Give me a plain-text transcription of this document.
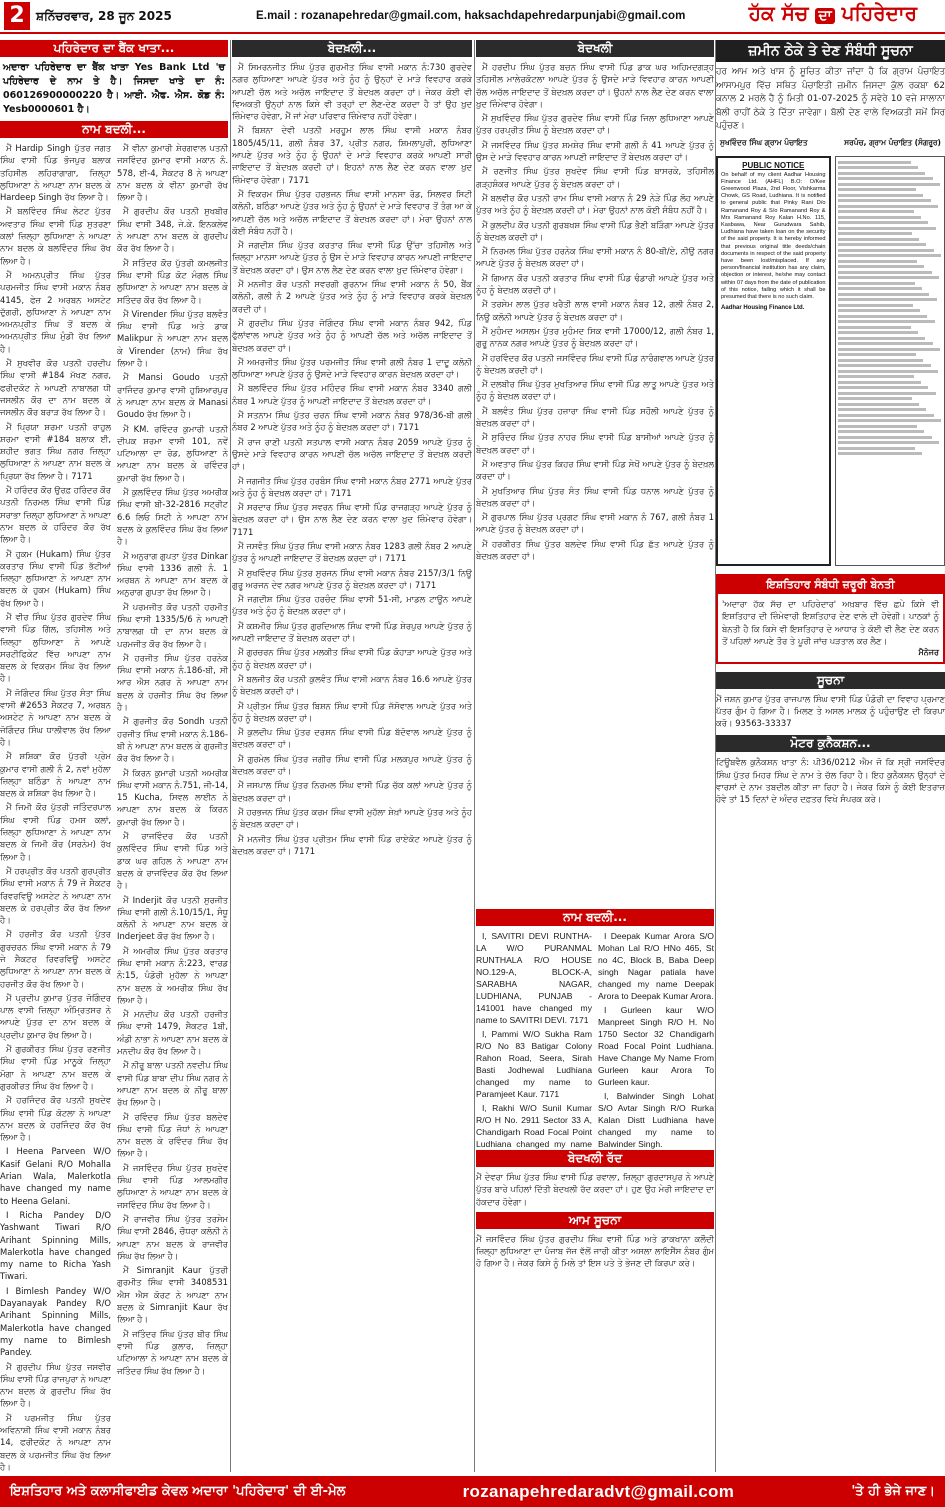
2 ਸ਼ਨਿੱਚਰਵਾਰ, 28 ਜੂਨ 2025	E.mail : rozanapehredar@gmail.com, haksachdapehredarpunjabi@gmail.com	ਹੱਕ ਸੱਚ ਦਾ ਪਹਿਰੇਦਾਰ
ਪਹਿਰੇਦਾਰ ਦਾ ਬੈਂਕ ਖਾਤਾ...
ਅਦਾਰਾ ਪਹਿਰੇਦਾਰ ਦਾ ਬੈਂਕ ਖਾਤਾ Yes Bank Ltd 'ਚ ਪਹਿਰੇਦਾਰ ਦੇ ਨਾਮ ਤੇ ਹੈ। ਜਿਸਦਾ ਖਾਤੇ ਦਾ ਨੰ: 060126900000220 ਹੈ। ਆਈ. ਐਫ. ਐਸ. ਕੋਡ ਨੰ: Yesb0000601 ਹੈ।
ਨਾਮ ਬਦਲੀ...

ਮੈਂ Hardip Singh ਪੁੱਤਰ ਜਗਤ ਸਿੰਘ ਵਾਸੀ ਪਿੰਡ ਭੋਜਪੁਰ ਬਲਾਕ ਤਹਿਸੀਲ ਲਹਿਰਾਗਾਗਾ, ਜ਼ਿਲ੍ਹਾ ਲੁਧਿਆਣਾ ਨੇ ਆਪਣਾ ਨਾਮ ਬਦਲ ਕੇ Hardeep Singh ਰੱਖ ਲਿਆ ਹੈ।

ਮੈਂ ਬਲਵਿੰਦਰ ਸਿੰਘ ਲੇਟਟ ਪੁੱਤਰ ਅਵਤਾਰ ਸਿੰਘ ਵਾਸੀ ਪਿੰਡ ਸੁਤਰਣਾ ਕਲਾਂ ਜ਼ਿਲ੍ਹਾ ਲੁਧਿਆਣਾ ਨੇ ਆਪਣਾ ਨਾਮ ਬਦਲ ਕੇ ਬਲਵਿੰਦਰ ਸਿੰਘ ਰੱਖ ਲਿਆ ਹੈ।

ਮੈਂ ਅਮਨਪ੍ਰੀਤ ਸਿੰਘ ਪੁੱਤਰ ਪਰਮਜੀਤ ਸਿੰਘ ਵਾਸੀ ਮਕਾਨ ਨੰਬਰ 4145, ਫੇਜ਼ 2 ਅਰਬਨ ਅਸਟੇਟ ਦੁੱਗਰੀ, ਲੁਧਿਆਣਾ ਨੇ ਆਪਣਾ ਨਾਮ ਅਮਨਪ੍ਰੀਤ ਸਿੰਘ ਤੋਂ ਬਦਲ ਕੇ ਅਮਨਪ੍ਰੀਤ ਸਿੰਘ ਮੁੰਡੀ ਰੱਖ ਲਿਆ ਹੈ।

ਮੈਂ ਸੁਖਵੀਰ ਕੌਰ ਪਤਨੀ ਹਰਦੀਪ ਸਿੰਘ ਵਾਸੀ #184 ਮੱਖਣ ਨਗਰ, ਫਰੀਦਕੋਟ ਨੇ ਆਪਣੀ ਨਾਬਾਲਗ ਧੀ ਜਸਲੀਨ ਕੌਰ ਦਾ ਨਾਮ ਬਦਲ ਕੇ ਜਸਲੀਨ ਕੌਰ ਬਰਾੜ ਰੱਖ ਲਿਆ ਹੈ।

ਮੈਂ ਪ੍ਰਿਯਾ ਸ਼ਰਮਾ ਪਤਨੀ ਰਾਹੁਲ ਸ਼ਰਮਾ ਵਾਸੀ #184 ਬਲਾਕ ਈ, ਸ਼ਹੀਦ ਭਗਤ ਸਿੰਘ ਨਗਰ ਜ਼ਿਲ੍ਹਾ ਲੁਧਿਆਣਾ ਨੇ ਆਪਣਾ ਨਾਮ ਬਦਲ ਕੇ ਪ੍ਰਿਯਾ ਰੱਖ ਲਿਆ ਹੈ। 7171

ਮੈਂ ਹਰਿੰਦਰ ਕੌਰ ਉਰਫ਼ ਹਰਿੰਦਰ ਕੌਰ ਪਤਨੀ ਨਿਰਮਲ ਸਿੰਘ ਵਾਸੀ ਪਿੰਡ ਸਰਾਭਾ ਜ਼ਿਲ੍ਹਾ ਲੁਧਿਆਣਾ ਨੇ ਆਪਣਾ ਨਾਮ ਬਦਲ ਕੇ ਹਰਿੰਦਰ ਕੌਰ ਰੱਖ ਲਿਆ ਹੈ।

ਮੈਂ ਹੁਕਮ (Hukam) ਸਿੰਘ ਪੁੱਤਰ ਕਰਤਾਰ ਸਿੰਘ ਵਾਸੀ ਪਿੰਡ ਭੱਟੀਆਂ ਜ਼ਿਲ੍ਹਾ ਲੁਧਿਆਣਾ ਨੇ ਆਪਣਾ ਨਾਮ ਬਦਲ ਕੇ ਹੁਕਮ (Hukam) ਸਿੰਘ ਰੱਖ ਲਿਆ ਹੈ।

ਮੈਂ ਵੀਰ ਸਿੰਘ ਪੁੱਤਰ ਗੁਰਦੇਵ ਸਿੰਘ ਵਾਸੀ ਪਿੰਡ ਗਿੱਲ, ਤਹਿਸੀਲ ਅਤੇ ਜ਼ਿਲ੍ਹਾ ਲੁਧਿਆਣਾ ਨੇ ਆਪਣੇ ਸਰਟੀਫਿਕੇਟ ਵਿੱਚ ਆਪਣਾ ਨਾਮ ਬਦਲ ਕੇ ਵਿਕਰਮ ਸਿੰਘ ਰੱਖ ਲਿਆ ਹੈ।

ਮੈਂ ਜੋਗਿੰਦਰ ਸਿੰਘ ਪੁੱਤਰ ਸੰਤਾ ਸਿੰਘ ਵਾਸੀ #2653 ਸੈਕਟਰ 7, ਅਰਬਨ ਅਸਟੇਟ ਨੇ ਆਪਣਾ ਨਾਮ ਬਦਲ ਕੇ ਜੋਗਿੰਦਰ ਸਿੰਘ ਧਾਲੀਵਾਲ ਰੱਖ ਲਿਆ ਹੈ।

ਮੈਂ ਸ਼ਸ਼ਿਕਾ ਕੌਰ ਪੁੱਤਰੀ ਪ੍ਰੇਮ ਕੁਮਾਰ ਵਾਸੀ ਗਲੀ ਨੰ 2, ਨਵਾਂ ਮੁਹੱਲਾ ਜ਼ਿਲ੍ਹਾ ਬਠਿੰਡਾ ਨੇ ਆਪਣਾ ਨਾਮ ਬਦਲ ਕੇ ਸ਼ਸ਼ਿਕਾ ਰੱਖ ਲਿਆ ਹੈ।

ਮੈਂ ਜਿਮੀ ਕੌਰ ਪੁੱਤਰੀ ਜਤਿੰਦਰਪਾਲ ਸਿੰਘ ਵਾਸੀ ਪਿੰਡ ਹਮਸ ਕਲਾਂ, ਜ਼ਿਲ੍ਹਾ ਲੁਧਿਆਣਾ ਨੇ ਆਪਣਾ ਨਾਮ ਬਦਲ ਕੇ ਜਿਮੀ ਕੌਰ (ਸਰਨੇਮ) ਰੱਖ ਲਿਆ ਹੈ।

ਮੈਂ ਹਰਪ੍ਰੀਤ ਕੌਰ ਪਤਨੀ ਗੁਰਪ੍ਰੀਤ ਸਿੰਘ ਵਾਸੀ ਮਕਾਨ ਨੰ 79 ਜੇ ਸੈਕਟਰ ਰਿਵਰਵਿਊ ਅਸਟੇਟ ਨੇ ਆਪਣਾ ਨਾਮ ਬਦਲ ਕੇ ਹਰਪ੍ਰੀਤ ਕੌਰ ਰੱਖ ਲਿਆ ਹੈ।

ਮੈਂ ਹਰਜੀਤ ਕੌਰ ਪਤਨੀ ਪੁੱਤਰ ਗੁਰਚਰਨ ਸਿੰਘ ਵਾਸੀ ਮਕਾਨ ਨੰ 79 ਜੇ ਸੈਕਟਰ ਰਿਵਰਵਿਊ ਅਸਟੇਟ ਲੁਧਿਆਣਾ ਨੇ ਆਪਣਾ ਨਾਮ ਬਦਲ ਕੇ ਹਰਜੀਤ ਕੌਰ ਰੱਖ ਲਿਆ ਹੈ।

ਮੈਂ ਪ੍ਰਦੀਪ ਕੁਮਾਰ ਪੁੱਤਰ ਜੋਗਿੰਦਰ ਪਾਲ ਵਾਸੀ ਜ਼ਿਲ੍ਹਾ ਅੰਮ੍ਰਿਤਸਰ ਨੇ ਆਪਣੇ ਪੁੱਤਰ ਦਾ ਨਾਮ ਬਦਲ ਕੇ ਪ੍ਰਦੀਪ ਕੁਮਾਰ ਰੱਖ ਲਿਆ ਹੈ।

ਮੈਂ ਗੁਰਕੀਰਤ ਸਿੰਘ ਪੁੱਤਰ ਰਣਜੀਤ ਸਿੰਘ ਵਾਸੀ ਪਿੰਡ ਮਾਨੂਕੇ ਜ਼ਿਲ੍ਹਾ ਮੋਗਾ ਨੇ ਆਪਣਾ ਨਾਮ ਬਦਲ ਕੇ ਗੁਰਕੀਰਤ ਸਿੰਘ ਰੱਖ ਲਿਆ ਹੈ।

ਮੈਂ ਹਰਜਿੰਦਰ ਕੌਰ ਪਤਨੀ ਸੁਖਦੇਵ ਸਿੰਘ ਵਾਸੀ ਪਿੰਡ ਕੋਟਲਾ ਨੇ ਆਪਣਾ ਨਾਮ ਬਦਲ ਕੇ ਹਰਜਿੰਦਰ ਕੌਰ ਰੱਖ ਲਿਆ ਹੈ।

I Heena Parveen W/O Kasif Gelani R/O Mohalla Arian Wala, Malerkotla have changed my name to Heena Gelani.

I Richa Pandey D/O Yashwant Tiwari R/O Arihant Spinning Mills, Malerkotla have changed my name to Richa Yash Tiwari.

I Bimlesh Pandey W/O Dayanayak Pandey R/O Arihant Spinning Mills, Malerkotla have changed my name to Bimlesh Pandey.

ਮੈਂ ਗੁਰਦੀਪ ਸਿੰਘ ਪੁੱਤਰ ਜਸਵੀਰ ਸਿੰਘ ਵਾਸੀ ਪਿੰਡ ਰਾਜਪੁਰਾ ਨੇ ਆਪਣਾ ਨਾਮ ਬਦਲ ਕੇ ਗੁਰਦੀਪ ਸਿੰਘ ਰੱਖ ਲਿਆ ਹੈ।

ਮੈਂ ਪਰਮਜੀਤ ਸਿੰਘ ਪੁੱਤਰ ਅਵਿਨਾਸ਼ੀ ਸਿੰਘ ਵਾਸੀ ਮਕਾਨ ਨੰਬਰ 14, ਫਰੀਦਕੋਟ ਨੇ ਆਪਣਾ ਨਾਮ ਬਦਲ ਕੇ ਪਰਮਜੀਤ ਸਿੰਘ ਰੱਖ ਲਿਆ ਹੈ।

ਮੈਂ ਵੀਨਾ ਕੁਮਾਰੀ ਸ਼ੇਰਗਵਾਲ ਪਤਨੀ ਜਸਵਿੰਦਰ ਕੁਮਾਰ ਵਾਸੀ ਮਕਾਨ ਨੰ. 578, ਈ-4, ਸੈਕਟਰ 8 ਨੇ ਆਪਣਾ ਨਾਮ ਬਦਲ ਕੇ ਵੀਨਾ ਕੁਮਾਰੀ ਰੱਖ ਲਿਆ ਹੈ।

ਮੈਂ ਗੁਰਦੀਪ ਕੌਰ ਪਤਨੀ ਸੁਖਬੀਰ ਸਿੰਘ ਵਾਸੀ 348, ਜੇ.ਕੇ. ਇਨਕਲੇਵ ਨੇ ਆਪਣਾ ਨਾਮ ਬਦਲ ਕੇ ਗੁਰਦੀਪ ਕੌਰ ਰੱਖ ਲਿਆ ਹੈ।

ਮੈਂ ਸਤਿੰਦਰ ਕੌਰ ਪੁੱਤਰੀ ਕਮਲਜੀਤ ਸਿੰਘ ਵਾਸੀ ਪਿੰਡ ਕੋਟ ਮੰਗਲ ਸਿੰਘ ਲੁਧਿਆਣਾ ਨੇ ਆਪਣਾ ਨਾਮ ਬਦਲ ਕੇ ਸਤਿੰਦਰ ਕੌਰ ਰੱਖ ਲਿਆ ਹੈ।

ਮੈਂ Virender ਸਿੰਘ ਪੁੱਤਰ ਬਲਵੰਤ ਸਿੰਘ ਵਾਸੀ ਪਿੰਡ ਅਤੇ ਡਾਕ Malikpur ਨੇ ਆਪਣਾ ਨਾਮ ਬਦਲ ਕੇ Virender (ਨਾਮ) ਸਿੰਘ ਰੱਖ ਲਿਆ ਹੈ।

ਮੈਂ Mansi Goudo ਪਤਨੀ ਰਾਜਿੰਦਰ ਕੁਮਾਰ ਵਾਸੀ ਹੁਸ਼ਿਆਰਪੁਰ ਨੇ ਆਪਣਾ ਨਾਮ ਬਦਲ ਕੇ Manasi Goudo ਰੱਖ ਲਿਆ ਹੈ।

ਮੈਂ KM. ਰਵਿੰਦਰ ਕੁਮਾਰੀ ਪਤਨੀ ਦੀਪਕ ਸ਼ਰਮਾ ਵਾਸੀ 101, ਨਵੇਂ ਪਟਿਆਲਾ ਦਾ ਰੋਡ, ਲੁਧਿਆਣਾ ਨੇ ਆਪਣਾ ਨਾਮ ਬਦਲ ਕੇ ਰਵਿੰਦਰ ਕੁਮਾਰੀ ਰੱਖ ਲਿਆ ਹੈ।

ਮੈਂ ਕੁਲਵਿੰਦਰ ਸਿੰਘ ਪੁੱਤਰ ਅਮਰੀਕ ਸਿੰਘ ਵਾਸੀ ਬੀ-32-2816 ਸਟ੍ਰੀਟ 6.6 ਲਿਓ ਸਿਟੀ ਨੇ ਆਪਣਾ ਨਾਮ ਬਦਲ ਕੇ ਕੁਲਵਿੰਦਰ ਸਿੰਘ ਰੱਖ ਲਿਆ ਹੈ।

ਮੈਂ ਅਨੁਰਾਗ ਗੁਪਤਾ ਪੁੱਤਰ Dinkar ਸਿੰਘ ਵਾਸੀ 1336 ਗਲੀ ਨੰ. 1 ਅਰਬਨ ਨੇ ਆਪਣਾ ਨਾਮ ਬਦਲ ਕੇ ਅਨੁਰਾਗ ਗੁਪਤਾ ਰੱਖ ਲਿਆ ਹੈ।

ਮੈਂ ਪਰਮਜੀਤ ਕੌਰ ਪਤਨੀ ਹਰਮੀਤ ਸਿੰਘ ਵਾਸੀ 1335/5/6 ਨੇ ਆਪਣੀ ਨਾਬਾਲਗ ਧੀ ਦਾ ਨਾਮ ਬਦਲ ਕੇ ਪਰਮਜੀਤ ਕੌਰ ਰੱਖ ਲਿਆ ਹੈ।

ਮੈਂ ਹਰਜੀਤ ਸਿੰਘ ਪੁੱਤਰ ਹਰਨੇਕ ਸਿੰਘ ਵਾਸੀ ਮਕਾਨ ਨੰ.186-ਬੀ, ਸੀ ਆਰ ਐਸ ਨਗਰ ਨੇ ਆਪਣਾ ਨਾਮ ਬਦਲ ਕੇ ਹਰਜੀਤ ਸਿੰਘ ਰੱਖ ਲਿਆ ਹੈ।

ਮੈਂ ਗੁਰਜੀਤ ਕੌਰ Sondh ਪਤਨੀ ਹਰਜੀਤ ਸਿੰਘ ਵਾਸੀ ਮਕਾਨ ਨੰ.186-ਬੀ ਨੇ ਆਪਣਾ ਨਾਮ ਬਦਲ ਕੇ ਗੁਰਜੀਤ ਕੌਰ ਰੱਖ ਲਿਆ ਹੈ।

ਮੈਂ ਕਿਰਨ ਕੁਮਾਰੀ ਪਤਨੀ ਅਮਰੀਕ ਸਿੰਘ ਵਾਸੀ ਮਕਾਨ ਨੰ.751, ਜੀ-14, 15 Kucha, ਸਿਵਲ ਲਾਈਨ ਨੇ ਆਪਣਾ ਨਾਮ ਬਦਲ ਕੇ ਕਿਰਨ ਕੁਮਾਰੀ ਰੱਖ ਲਿਆ ਹੈ।

ਮੈਂ ਰਾਜਵਿੰਦਰ ਕੌਰ ਪਤਨੀ ਕੁਲਵਿੰਦਰ ਸਿੰਘ ਵਾਸੀ ਪਿੰਡ ਅਤੇ ਡਾਕ ਘਰ ਗਹਿਲ ਨੇ ਆਪਣਾ ਨਾਮ ਬਦਲ ਕੇ ਰਾਜਵਿੰਦਰ ਕੌਰ ਰੱਖ ਲਿਆ ਹੈ।

ਮੈਂ Inderjit ਕੌਰ ਪਤਨੀ ਸੁਰਜੀਤ ਸਿੰਘ ਵਾਸੀ ਗਲੀ ਨੰ.10/15/1, ਸੰਧੂ ਕਲੋਨੀ ਨੇ ਆਪਣਾ ਨਾਮ ਬਦਲ ਕੇ Inderjeet ਕੌਰ ਰੱਖ ਲਿਆ ਹੈ।

ਮੈਂ ਅਮਰੀਕ ਸਿੰਘ ਪੁੱਤਰ ਕਰਤਾਰ ਸਿੰਘ ਵਾਸੀ ਮਕਾਨ ਨੰ:223, ਵਾਰਡ ਨੰ:15, ਪੰਡੋਰੀ ਮੁਹੱਲਾ ਨੇ ਆਪਣਾ ਨਾਮ ਬਦਲ ਕੇ ਅਮਰੀਕ ਸਿੰਘ ਰੱਖ ਲਿਆ ਹੈ।

ਮੈਂ ਮਨਦੀਪ ਕੌਰ ਪਤਨੀ ਹਰਜੀਤ ਸਿੰਘ ਵਾਸੀ 1479, ਸੈਕਟਰ 1ਬੀ, ਅੰਡੀ ਨਾਭਾ ਨੇ ਆਪਣਾ ਨਾਮ ਬਦਲ ਕੇ ਮਨਦੀਪ ਕੌਰ ਰੱਖ ਲਿਆ ਹੈ।

ਮੈਂ ਨੀਰੂ ਬਾਲਾ ਪਤਨੀ ਨਵਦੀਪ ਸਿੰਘ ਵਾਸੀ ਪਿੰਡ ਬਾਬਾ ਦੀਪ ਸਿੰਘ ਨਗਰ ਨੇ ਆਪਣਾ ਨਾਮ ਬਦਲ ਕੇ ਨੀਰੂ ਬਾਲਾ ਰੱਖ ਲਿਆ ਹੈ।

ਮੈਂ ਰਵਿੰਦਰ ਸਿੰਘ ਪੁੱਤਰ ਬਲਦੇਵ ਸਿੰਘ ਵਾਸੀ ਪਿੰਡ ਜੋਧਾਂ ਨੇ ਆਪਣਾ ਨਾਮ ਬਦਲ ਕੇ ਰਵਿੰਦਰ ਸਿੰਘ ਰੱਖ ਲਿਆ ਹੈ।

ਮੈਂ ਜਸਵਿੰਦਰ ਸਿੰਘ ਪੁੱਤਰ ਸੁਖਦੇਵ ਸਿੰਘ ਵਾਸੀ ਪਿੰਡ ਆਲਮਗੀਰ ਲੁਧਿਆਣਾ ਨੇ ਆਪਣਾ ਨਾਮ ਬਦਲ ਕੇ ਜਸਵਿੰਦਰ ਸਿੰਘ ਰੱਖ ਲਿਆ ਹੈ।

ਮੈਂ ਰਾਜਵੀਰ ਸਿੰਘ ਪੁੱਤਰ ਤਰਸੇਮ ਸਿੰਘ ਵਾਸੀ 2846, ਚੌਧਰਾ ਕਲੋਨੀ ਨੇ ਆਪਣਾ ਨਾਮ ਬਦਲ ਕੇ ਰਾਜਵੀਰ ਸਿੰਘ ਰੱਖ ਲਿਆ ਹੈ।

ਮੈਂ Simranjit Kaur ਪੁੱਤਰੀ ਗੁਰਮੀਤ ਸਿੰਘ ਵਾਸੀ 3408531 ਐਸ ਐਸ ਕੋਰਟ ਨੇ ਆਪਣਾ ਨਾਮ ਬਦਲ ਕੇ Simranjit Kaur ਰੱਖ ਲਿਆ ਹੈ।

ਮੈਂ ਜਤਿੰਦਰ ਸਿੰਘ ਪੁੱਤਰ ਬੀਰ ਸਿੰਘ ਵਾਸੀ ਪਿੰਡ ਕੁਲਾਰ, ਜ਼ਿਲ੍ਹਾ ਪਟਿਆਲਾ ਨੇ ਆਪਣਾ ਨਾਮ ਬਦਲ ਕੇ ਜਤਿੰਦਰ ਸਿੰਘ ਰੱਖ ਲਿਆ ਹੈ।

ਬੇਦਖ਼ਲੀ...

ਮੈਂ ਸਿਮਰਨਜੀਤ ਸਿੰਘ ਪੁੱਤਰ ਗੁਰਮੀਤ ਸਿੰਘ ਵਾਸੀ ਮਕਾਨ ਨੰ:730 ਗੁਰਦੇਵ ਨਗਰ ਲੁਧਿਆਣਾ ਆਪਣੇ ਪੁੱਤਰ ਅਤੇ ਨੂੰਹ ਨੂੰ ਉਨ੍ਹਾਂ ਦੇ ਮਾੜੇ ਵਿਵਹਾਰ ਕਰਕੇ ਆਪਣੀ ਚੱਲ ਅਤੇ ਅਚੱਲ ਜਾਇਦਾਦ ਤੋਂ ਬੇਦਖ਼ਲ ਕਰਦਾ ਹਾਂ। ਜੇਕਰ ਕੋਈ ਵੀ ਵਿਅਕਤੀ ਉਨ੍ਹਾਂ ਨਾਲ ਕਿਸੇ ਵੀ ਤਰ੍ਹਾਂ ਦਾ ਲੈਣ-ਦੇਣ ਕਰਦਾ ਹੈ ਤਾਂ ਉਹ ਖ਼ੁਦ ਜ਼ਿੰਮੇਵਾਰ ਹੋਵੇਗਾ, ਮੈਂ ਜਾਂ ਮੇਰਾ ਪਰਿਵਾਰ ਜ਼ਿੰਮੇਵਾਰ ਨਹੀਂ ਹੋਵੇਗਾ।

ਮੈਂ ਬਿਸ਼ਨਾ ਦੇਵੀ ਪਤਨੀ ਮਰਹੂਮ ਲਾਲ ਸਿੰਘ ਵਾਸੀ ਮਕਾਨ ਨੰਬਰ 1805/45/11, ਗਲੀ ਨੰਬਰ 37, ਪ੍ਰੀਤ ਨਗਰ, ਸ਼ਿਮਲਾਪੁਰੀ, ਲੁਧਿਆਣਾ ਆਪਣੇ ਪੁੱਤਰ ਅਤੇ ਨੂੰਹ ਨੂੰ ਉਹਨਾਂ ਦੇ ਮਾੜੇ ਵਿਵਹਾਰ ਕਰਕੇ ਆਪਣੀ ਸਾਰੀ ਜਾਇਦਾਦ ਤੋਂ ਬੇਦਖ਼ਲ ਕਰਦੀ ਹਾਂ। ਇਹਨਾਂ ਨਾਲ ਲੈਣ ਦੇਣ ਕਰਨ ਵਾਲਾ ਖ਼ੁਦ ਜ਼ਿੰਮੇਵਾਰ ਹੋਵੇਗਾ। 7171

ਮੈਂ ਵਿਕਰਮ ਸਿੰਘ ਪੁੱਤਰ ਹਰਭਜਨ ਸਿੰਘ ਵਾਸੀ ਮਾਨਸਾ ਰੋਡ, ਸਿਲਵਰ ਸਿਟੀ ਕਲੋਨੀ, ਬਠਿੰਡਾ ਆਪਣੇ ਪੁੱਤਰ ਅਤੇ ਨੂੰਹ ਨੂੰ ਉਹਨਾਂ ਦੇ ਮਾੜੇ ਵਿਵਹਾਰ ਤੋਂ ਤੰਗ ਆ ਕੇ ਆਪਣੀ ਚੱਲ ਅਤੇ ਅਚੱਲ ਜਾਇਦਾਦ ਤੋਂ ਬੇਦਖ਼ਲ ਕਰਦਾ ਹਾਂ। ਮੇਰਾ ਉਹਨਾਂ ਨਾਲ ਕੋਈ ਸੰਬੰਧ ਨਹੀਂ ਹੈ।

ਮੈਂ ਜਗਦੀਸ਼ ਸਿੰਘ ਪੁੱਤਰ ਕਰਤਾਰ ਸਿੰਘ ਵਾਸੀ ਪਿੰਡ ਉੱਚਾ ਤਹਿਸੀਲ ਅਤੇ ਜ਼ਿਲ੍ਹਾ ਮਾਨਸਾ ਆਪਣੇ ਪੁੱਤਰ ਨੂੰ ਉਸ ਦੇ ਮਾੜੇ ਵਿਵਹਾਰ ਕਾਰਨ ਆਪਣੀ ਜਾਇਦਾਦ ਤੋਂ ਬੇਦਖ਼ਲ ਕਰਦਾ ਹਾਂ। ਉਸ ਨਾਲ ਲੈਣ ਦੇਣ ਕਰਨ ਵਾਲਾ ਖ਼ੁਦ ਜ਼ਿੰਮੇਵਾਰ ਹੋਵੇਗਾ।

ਮੈਂ ਮਨਜੀਤ ਕੌਰ ਪਤਨੀ ਸਵਰਗੀ ਗੁਰਨਾਮ ਸਿੰਘ ਵਾਸੀ ਮਕਾਨ ਨੰ 50, ਬੈਂਕ ਕਲੋਨੀ, ਗਲੀ ਨੰ 2 ਆਪਣੇ ਪੁੱਤਰ ਅਤੇ ਨੂੰਹ ਨੂੰ ਮਾੜੇ ਵਿਵਹਾਰ ਕਰਕੇ ਬੇਦਖ਼ਲ ਕਰਦੀ ਹਾਂ।

ਮੈਂ ਗੁਰਦੀਪ ਸਿੰਘ ਪੁੱਤਰ ਜੋਗਿੰਦਰ ਸਿੰਘ ਵਾਸੀ ਮਕਾਨ ਨੰਬਰ 942, ਪਿੰਡ ਫੁੱਲਾਂਵਾਲ ਆਪਣੇ ਪੁੱਤਰ ਅਤੇ ਨੂੰਹ ਨੂੰ ਆਪਣੀ ਚੱਲ ਅਤੇ ਅਚੱਲ ਜਾਇਦਾਦ ਤੋਂ ਬੇਦਖ਼ਲ ਕਰਦਾ ਹਾਂ।

ਮੈਂ ਅਮਰਜੀਤ ਸਿੰਘ ਪੁੱਤਰ ਪਰਮਜੀਤ ਸਿੰਘ ਵਾਸੀ ਗਲੀ ਨੰਬਰ 1 ਦਾਦੂ ਕਲੋਨੀ ਲੁਧਿਆਣਾ ਆਪਣੇ ਪੁੱਤਰ ਨੂੰ ਉਸਦੇ ਮਾੜੇ ਵਿਵਹਾਰ ਕਾਰਨ ਬੇਦਖ਼ਲ ਕਰਦਾ ਹਾਂ।

ਮੈਂ ਬਲਵਿੰਦਰ ਸਿੰਘ ਪੁੱਤਰ ਮਹਿੰਦਰ ਸਿੰਘ ਵਾਸੀ ਮਕਾਨ ਨੰਬਰ 3340 ਗਲੀ ਨੰਬਰ 1 ਆਪਣੇ ਪੁੱਤਰ ਨੂੰ ਆਪਣੀ ਜਾਇਦਾਦ ਤੋਂ ਬੇਦਖ਼ਲ ਕਰਦਾ ਹਾਂ।

ਮੈਂ ਸਤਨਾਮ ਸਿੰਘ ਪੁੱਤਰ ਚਰਨ ਸਿੰਘ ਵਾਸੀ ਮਕਾਨ ਨੰਬਰ 978/36-ਬੀ ਗਲੀ ਨੰਬਰ 2 ਆਪਣੇ ਪੁੱਤਰ ਅਤੇ ਨੂੰਹ ਨੂੰ ਬੇਦਖ਼ਲ ਕਰਦਾ ਹਾਂ। 7171

ਮੈਂ ਰਾਜ ਰਾਣੀ ਪਤਨੀ ਸਤਪਾਲ ਵਾਸੀ ਮਕਾਨ ਨੰਬਰ 2059 ਆਪਣੇ ਪੁੱਤਰ ਨੂੰ ਉਸਦੇ ਮਾੜੇ ਵਿਵਹਾਰ ਕਾਰਨ ਆਪਣੀ ਚੱਲ ਅਚੱਲ ਜਾਇਦਾਦ ਤੋਂ ਬੇਦਖ਼ਲ ਕਰਦੀ ਹਾਂ।

ਮੈਂ ਜਗਜੀਤ ਸਿੰਘ ਪੁੱਤਰ ਹਰਬੰਸ ਸਿੰਘ ਵਾਸੀ ਮਕਾਨ ਨੰਬਰ 2771 ਆਪਣੇ ਪੁੱਤਰ ਅਤੇ ਨੂੰਹ ਨੂੰ ਬੇਦਖ਼ਲ ਕਰਦਾ ਹਾਂ। 7171

ਮੈਂ ਸਰਦਾਰ ਸਿੰਘ ਪੁੱਤਰ ਸਵਰਨ ਸਿੰਘ ਵਾਸੀ ਪਿੰਡ ਰਾਜਗੜ੍ਹ ਆਪਣੇ ਪੁੱਤਰ ਨੂੰ ਬੇਦਖ਼ਲ ਕਰਦਾ ਹਾਂ। ਉਸ ਨਾਲ ਲੈਣ ਦੇਣ ਕਰਨ ਵਾਲਾ ਖ਼ੁਦ ਜ਼ਿੰਮੇਵਾਰ ਹੋਵੇਗਾ। 7171

ਮੈਂ ਜਸਵੰਤ ਸਿੰਘ ਪੁੱਤਰ ਸਿੰਘ ਵਾਸੀ ਮਕਾਨ ਨੰਬਰ 1283 ਗਲੀ ਨੰਬਰ 2 ਆਪਣੇ ਪੁੱਤਰ ਨੂੰ ਆਪਣੀ ਜਾਇਦਾਦ ਤੋਂ ਬੇਦਖ਼ਲ ਕਰਦਾ ਹਾਂ। 7171

ਮੈਂ ਸੁਖਵਿੰਦਰ ਸਿੰਘ ਪੁੱਤਰ ਸੁਰਜਨ ਸਿੰਘ ਵਾਸੀ ਮਕਾਨ ਨੰਬਰ 2157/3/1 ਨਿਊ ਗੁਰੂ ਅਰਜਨ ਦੇਵ ਨਗਰ ਆਪਣੇ ਪੁੱਤਰ ਨੂੰ ਬੇਦਖ਼ਲ ਕਰਦਾ ਹਾਂ। 7171

ਮੈਂ ਜਗਦੀਸ਼ ਸਿੰਘ ਪੁੱਤਰ ਹਰਚੰਦ ਸਿੰਘ ਵਾਸੀ 51-ਸੀ, ਮਾਡਲ ਟਾਊਨ ਆਪਣੇ ਪੁੱਤਰ ਅਤੇ ਨੂੰਹ ਨੂੰ ਬੇਦਖ਼ਲ ਕਰਦਾ ਹਾਂ।

ਮੈਂ ਕਸ਼ਮੀਰ ਸਿੰਘ ਪੁੱਤਰ ਗੁਰਦਿਆਲ ਸਿੰਘ ਵਾਸੀ ਪਿੰਡ ਸ਼ੇਰਪੁਰ ਆਪਣੇ ਪੁੱਤਰ ਨੂੰ ਆਪਣੀ ਜਾਇਦਾਦ ਤੋਂ ਬੇਦਖ਼ਲ ਕਰਦਾ ਹਾਂ।

ਮੈਂ ਗੁਰਚਰਨ ਸਿੰਘ ਪੁੱਤਰ ਮਲਕੀਤ ਸਿੰਘ ਵਾਸੀ ਪਿੰਡ ਕੋਹਾੜਾ ਆਪਣੇ ਪੁੱਤਰ ਅਤੇ ਨੂੰਹ ਨੂੰ ਬੇਦਖ਼ਲ ਕਰਦਾ ਹਾਂ।

ਮੈਂ ਬਲਜੀਤ ਕੌਰ ਪਤਨੀ ਕੁਲਵੰਤ ਸਿੰਘ ਵਾਸੀ ਮਕਾਨ ਨੰਬਰ 16.6 ਆਪਣੇ ਪੁੱਤਰ ਨੂੰ ਬੇਦਖ਼ਲ ਕਰਦੀ ਹਾਂ।

ਮੈਂ ਪ੍ਰੀਤਮ ਸਿੰਘ ਪੁੱਤਰ ਬਿਸ਼ਨ ਸਿੰਘ ਵਾਸੀ ਪਿੰਡ ਜੱਸੋਵਾਲ ਆਪਣੇ ਪੁੱਤਰ ਅਤੇ ਨੂੰਹ ਨੂੰ ਬੇਦਖ਼ਲ ਕਰਦਾ ਹਾਂ।

ਮੈਂ ਕੁਲਦੀਪ ਸਿੰਘ ਪੁੱਤਰ ਦਰਸ਼ਨ ਸਿੰਘ ਵਾਸੀ ਪਿੰਡ ਬੱਦੋਵਾਲ ਆਪਣੇ ਪੁੱਤਰ ਨੂੰ ਬੇਦਖ਼ਲ ਕਰਦਾ ਹਾਂ।

ਮੈਂ ਗੁਰਮੇਲ ਸਿੰਘ ਪੁੱਤਰ ਜਗੀਰ ਸਿੰਘ ਵਾਸੀ ਪਿੰਡ ਮਲਕਪੁਰ ਆਪਣੇ ਪੁੱਤਰ ਨੂੰ ਬੇਦਖ਼ਲ ਕਰਦਾ ਹਾਂ।

ਮੈਂ ਜਸਪਾਲ ਸਿੰਘ ਪੁੱਤਰ ਨਿਰਮਲ ਸਿੰਘ ਵਾਸੀ ਪਿੰਡ ਚੱਕ ਕਲਾਂ ਆਪਣੇ ਪੁੱਤਰ ਨੂੰ ਬੇਦਖ਼ਲ ਕਰਦਾ ਹਾਂ।

ਮੈਂ ਹਰਭਜਨ ਸਿੰਘ ਪੁੱਤਰ ਕਰਮ ਸਿੰਘ ਵਾਸੀ ਮੁਹੱਲਾ ਸ਼ੇਖ਼ਾਂ ਆਪਣੇ ਪੁੱਤਰ ਅਤੇ ਨੂੰਹ ਨੂੰ ਬੇਦਖ਼ਲ ਕਰਦਾ ਹਾਂ।

ਮੈਂ ਮਨਜੀਤ ਸਿੰਘ ਪੁੱਤਰ ਪ੍ਰੀਤਮ ਸਿੰਘ ਵਾਸੀ ਪਿੰਡ ਰਾਏਕੋਟ ਆਪਣੇ ਪੁੱਤਰ ਨੂੰ ਬੇਦਖ਼ਲ ਕਰਦਾ ਹਾਂ। 7171

ਬੇਦਖਲੀ

ਮੈਂ ਹਰਦੀਪ ਸਿੰਘ ਪੁੱਤਰ ਬਚਨ ਸਿੰਘ ਵਾਸੀ ਪਿੰਡ ਡਾਕ ਘਰ ਅਹਿਮਦਗੜ੍ਹ ਤਹਿਸੀਲ ਮਾਲੇਰਕੋਟਲਾ ਆਪਣੇ ਪੁੱਤਰ ਨੂੰ ਉਸਦੇ ਮਾੜੇ ਵਿਵਹਾਰ ਕਾਰਨ ਆਪਣੀ ਚੱਲ ਅਚੱਲ ਜਾਇਦਾਦ ਤੋਂ ਬੇਦਖ਼ਲ ਕਰਦਾ ਹਾਂ। ਉਹਨਾਂ ਨਾਲ ਲੈਣ ਦੇਣ ਕਰਨ ਵਾਲਾ ਖ਼ੁਦ ਜ਼ਿੰਮੇਵਾਰ ਹੋਵੇਗਾ।

ਮੈਂ ਸੁਖਵਿੰਦਰ ਸਿੰਘ ਪੁੱਤਰ ਗੁਰਦੇਵ ਸਿੰਘ ਵਾਸੀ ਪਿੰਡ ਜਿਲਾ ਲੁਧਿਆਣਾ ਆਪਣੇ ਪੁੱਤਰ ਹਰਪ੍ਰੀਤ ਸਿੰਘ ਨੂੰ ਬੇਦਖ਼ਲ ਕਰਦਾ ਹਾਂ।

ਮੈਂ ਜਸਵਿੰਦਰ ਸਿੰਘ ਪੁੱਤਰ ਸ਼ਮਸ਼ੇਰ ਸਿੰਘ ਵਾਸੀ ਗਲੀ ਨੰ 41 ਆਪਣੇ ਪੁੱਤਰ ਨੂੰ ਉਸ ਦੇ ਮਾੜੇ ਵਿਵਹਾਰ ਕਾਰਨ ਆਪਣੀ ਜਾਇਦਾਦ ਤੋਂ ਬੇਦਖ਼ਲ ਕਰਦਾ ਹਾਂ।

ਮੈਂ ਰਣਜੀਤ ਸਿੰਘ ਪੁੱਤਰ ਸੁਖਦੇਵ ਸਿੰਘ ਵਾਸੀ ਪਿੰਡ ਬਾਸਰਕੇ, ਤਹਿਸੀਲ ਗੜ੍ਹਸ਼ੰਕਰ ਆਪਣੇ ਪੁੱਤਰ ਨੂੰ ਬੇਦਖ਼ਲ ਕਰਦਾ ਹਾਂ।

ਮੈਂ ਬਲਵੀਰ ਕੌਰ ਪਤਨੀ ਰਾਮ ਸਿੰਘ ਵਾਸੀ ਮਕਾਨ ਨੰ 29 ਨੇੜੇ ਪਿੰਡ ਲੋਹ ਆਪਣੇ ਪੁੱਤਰ ਅਤੇ ਨੂੰਹ ਨੂੰ ਬੇਦਖ਼ਲ ਕਰਦੀ ਹਾਂ। ਮੇਰਾ ਉਹਨਾਂ ਨਾਲ ਕੋਈ ਸੰਬੰਧ ਨਹੀਂ ਹੈ।

ਮੈਂ ਕੁਲਦੀਪ ਕੌਰ ਪਤਨੀ ਗੁਰਬਖਸ਼ ਸਿੰਘ ਵਾਸੀ ਪਿੰਡ ਭੈਣੀ ਬੜਿੰਗਾ ਆਪਣੇ ਪੁੱਤਰ ਨੂੰ ਬੇਦਖ਼ਲ ਕਰਦੀ ਹਾਂ।

ਮੈਂ ਨਿਰਮਲ ਸਿੰਘ ਪੁੱਤਰ ਹਰਨੇਕ ਸਿੰਘ ਵਾਸੀ ਮਕਾਨ ਨੰ 80-ਬੀ/ਏ, ਨੀਉ ਨਗਰ ਆਪਣੇ ਪੁੱਤਰ ਨੂੰ ਬੇਦਖ਼ਲ ਕਰਦਾ ਹਾਂ।

ਮੈਂ ਗਿਆਨ ਕੌਰ ਪਤਨੀ ਕਰਤਾਰ ਸਿੰਘ ਵਾਸੀ ਪਿੰਡ ਢੰਡਾਰੀ ਆਪਣੇ ਪੁੱਤਰ ਅਤੇ ਨੂੰਹ ਨੂੰ ਬੇਦਖ਼ਲ ਕਰਦੀ ਹਾਂ।

ਮੈਂ ਤਰਸੇਮ ਲਾਲ ਪੁੱਤਰ ਖਰੈਤੀ ਲਾਲ ਵਾਸੀ ਮਕਾਨ ਨੰਬਰ 12, ਗਲੀ ਨੰਬਰ 2, ਨਿਊ ਕਲੋਨੀ ਆਪਣੇ ਪੁੱਤਰ ਨੂੰ ਬੇਦਖ਼ਲ ਕਰਦਾ ਹਾਂ।

ਮੈਂ ਮੁਹੰਮਦ ਅਸਲਮ ਪੁੱਤਰ ਮੁਹੰਮਦ ਸਿਕ ਵਾਸੀ 17000/12, ਗਲੀ ਨੰਬਰ 1, ਗੁਰੂ ਨਾਨਕ ਨਗਰ ਆਪਣੇ ਪੁੱਤਰ ਨੂੰ ਬੇਦਖ਼ਲ ਕਰਦਾ ਹਾਂ।

ਮੈਂ ਹਰਵਿੰਦਰ ਕੌਰ ਪਤਨੀ ਜਸਵਿੰਦਰ ਸਿੰਘ ਵਾਸੀ ਪਿੰਡ ਨਾਰੰਗਵਾਲ ਆਪਣੇ ਪੁੱਤਰ ਨੂੰ ਬੇਦਖ਼ਲ ਕਰਦੀ ਹਾਂ।

ਮੈਂ ਦਲਬੀਰ ਸਿੰਘ ਪੁੱਤਰ ਮੁਖਤਿਆਰ ਸਿੰਘ ਵਾਸੀ ਪਿੰਡ ਲਾਤੂ ਆਪਣੇ ਪੁੱਤਰ ਅਤੇ ਨੂੰਹ ਨੂੰ ਬੇਦਖ਼ਲ ਕਰਦਾ ਹਾਂ।

ਮੈਂ ਬਲਵੰਤ ਸਿੰਘ ਪੁੱਤਰ ਹਜ਼ਾਰਾ ਸਿੰਘ ਵਾਸੀ ਪਿੰਡ ਸਹੌਲੀ ਆਪਣੇ ਪੁੱਤਰ ਨੂੰ ਬੇਦਖ਼ਲ ਕਰਦਾ ਹਾਂ।

ਮੈਂ ਸੁਰਿੰਦਰ ਸਿੰਘ ਪੁੱਤਰ ਨਾਹਰ ਸਿੰਘ ਵਾਸੀ ਪਿੰਡ ਬਾਸੀਆਂ ਆਪਣੇ ਪੁੱਤਰ ਨੂੰ ਬੇਦਖ਼ਲ ਕਰਦਾ ਹਾਂ।

ਮੈਂ ਅਵਤਾਰ ਸਿੰਘ ਪੁੱਤਰ ਕਿਹਰ ਸਿੰਘ ਵਾਸੀ ਪਿੰਡ ਸੇਖੋਂ ਆਪਣੇ ਪੁੱਤਰ ਨੂੰ ਬੇਦਖ਼ਲ ਕਰਦਾ ਹਾਂ।

ਮੈਂ ਮੁਖਤਿਆਰ ਸਿੰਘ ਪੁੱਤਰ ਸੰਤ ਸਿੰਘ ਵਾਸੀ ਪਿੰਡ ਧਨਾਲ ਆਪਣੇ ਪੁੱਤਰ ਨੂੰ ਬੇਦਖ਼ਲ ਕਰਦਾ ਹਾਂ।

ਮੈਂ ਗੁਰਪਾਲ ਸਿੰਘ ਪੁੱਤਰ ਪ੍ਰਗਟ ਸਿੰਘ ਵਾਸੀ ਮਕਾਨ ਨੰ 767, ਗਲੀ ਨੰਬਰ 1 ਆਪਣੇ ਪੁੱਤਰ ਨੂੰ ਬੇਦਖ਼ਲ ਕਰਦਾ ਹਾਂ।

ਮੈਂ ਹਰਕੀਰਤ ਸਿੰਘ ਪੁੱਤਰ ਬਲਦੇਵ ਸਿੰਘ ਵਾਸੀ ਪਿੰਡ ਛੱਤ ਆਪਣੇ ਪੁੱਤਰ ਨੂੰ ਬੇਦਖ਼ਲ ਕਰਦਾ ਹਾਂ।

ਨਾਮ ਬਦਲੀ...

I, SAVITRI DEVI RUNTHA-LA W/O PURANMAL RUNTHALA R/O HOUSE NO.129-A, BLOCK-A, SARABHA NAGAR, LUDHIANA, PUNJAB - 141001 have changed my name to SAVITRI DEVI. 7171

I, Pammi W/O Sukha Ram R/O No 83 Batigar Colony Rahon Road, Seera, Sirah Basti Jodhewal Ludhiana changed my name to Paramjeet Kaur. 7171

I, Rakhi W/O Sunil Kumar R/O H No. 2911 Sector 33 A, Chandigarh Road Focal Point Ludhiana changed my name

I Deepak Kumar Arora S/O Mohan Lal R/O HNo 465, St no 4C, Block B, Baba Deep singh Nagar patiala have changed my name Deepak Arora to Deepak Kumar Arora.

I Gurleen kaur W/O Manpreet Singh R/O H. No 1750 Sector 32 Chandigarh Road Focal Point Ludhiana. Have Change My Name From Gurleen kaur Arora To Gurleen kaur.

I, Balwinder Singh Lohat S/O Avtar Singh R/O Rurka Kalan Distt Ludhiana have changed my name to Balwinder Singh.

ਬੇਦਖਲੀ ਰੱਦ
ਮੈਂ ਦੇਵਰਾ ਸਿੰਘ ਪੁੱਤਰ ਸਿੰਘ ਵਾਸੀ ਪਿੰਡ ਰਵਾਲਾ, ਜ਼ਿਲ੍ਹਾ ਗੁਰਦਾਸਪੁਰ ਨੇ ਆਪਣੇ ਪੁੱਤਰ ਬਾਰੇ ਪਹਿਲਾਂ ਦਿੱਤੀ ਬੇਦਖਲੀ ਰੱਦ ਕਰਦਾ ਹਾਂ। ਹੁਣ ਉਹ ਮੇਰੀ ਜਾਇਦਾਦ ਦਾ ਹੱਕਦਾਰ ਹੋਵੇਗਾ।
ਆਮ ਸੂਚਨਾ
ਮੈਂ ਜਸਵਿੰਦਰ ਸਿੰਘ ਪੁੱਤਰ ਗੁਰਦੀਪ ਸਿੰਘ ਵਾਸੀ ਪਿੰਡ ਅਤੇ ਡਾਕਖਾਨਾ ਕਲੌਦੀ ਜ਼ਿਲ੍ਹਾ ਲੁਧਿਆਣਾ ਦਾ ਪੰਜਾਬ ਜੱਜ ਵੱਲੋਂ ਜਾਰੀ ਕੀਤਾ ਅਸਲਾ ਲਾਇਸੈਂਸ ਨੰਬਰ ਗੁੰਮ ਹੋ ਗਿਆ ਹੈ। ਜੇਕਰ ਕਿਸੇ ਨੂੰ ਮਿਲੇ ਤਾਂ ਇਸ ਪਤੇ ਤੇ ਭੇਜਣ ਦੀ ਕਿਰਪਾ ਕਰੇ।
ਜ਼ਮੀਨ ਠੇਕੇ ਤੇ ਦੇਣ ਸੰਬੰਧੀ ਸੂਚਨਾ
ਹਰ ਆਮ ਅਤੇ ਖਾਸ ਨੂੰ ਸੂਚਿਤ ਕੀਤਾ ਜਾਂਦਾ ਹੈ ਕਿ ਗ੍ਰਾਮ ਪੰਚਾਇਤ ਆਸਾਮਪੁਰ ਵਿੱਚ ਸਥਿਤ ਪੰਚਾਇਤੀ ਜ਼ਮੀਨ ਜਿਸਦਾ ਕੁੱਲ ਰਕਬਾ 62 ਕਨਾਲ 2 ਮਰਲੇ ਹੈ ਨੂੰ ਮਿਤੀ 01-07-2025 ਨੂੰ ਸਵੇਰੇ 10 ਵਜੇ ਸਾਲਾਨਾ ਬੋਲੀ ਰਾਹੀਂ ਠੇਕੇ ਤੇ ਦਿੱਤਾ ਜਾਵੇਗਾ। ਬੋਲੀ ਦੇਣ ਵਾਲੇ ਵਿਅਕਤੀ ਸਮੇਂ ਸਿਰ ਪਹੁੰਚਣ।
ਸੁਖਵਿੰਦਰ ਸਿੰਘ ਗ੍ਰਾਮ ਪੰਚਾਇਤ	ਸਰਪੰਚ, ਗ੍ਰਾਮ ਪੰਚਾਇਤ (ਸੰਗਰੂਰ)
PUBLIC NOTICE
On behalf of my client Aadhar Housing Finance Ltd. (AHFL) B.O: O/Kee Greenwood Plaza, 2nd Floor, Vishkarma Chowk, GS Road, Ludhiana. It is notified to general public that Pinky Rani D/o Ramanand Roy & S/o Ramanand Roy & Mrs Ramanand Roy Kalan H.No. 115, Kasbawa, Near Gurudwara Sahib, Ludhiana have taken loan on the security of the said property. It is hereby informed that previous original title deeds/chain documents in respect of the said property have been lost/misplaced. If any person/financial institution has any claim, objection or interest, he/she may contact within 07 days from the date of publication of this notice, failing which it shall be presumed that there is no such claim.
Aadhar Housing Finance Ltd.
ਇਸ਼ਤਿਹਾਰ ਸੰਬੰਧੀ ਜ਼ਰੂਰੀ ਬੇਨਤੀ
'ਅਦਾਰਾ ਹੱਕ ਸੱਚ ਦਾ ਪਹਿਰੇਦਾਰ' ਅਖ਼ਬਾਰ ਵਿੱਚ ਛਪੇ ਕਿਸੇ ਵੀ ਇਸ਼ਤਿਹਾਰ ਦੀ ਜ਼ਿੰਮੇਵਾਰੀ ਇਸ਼ਤਿਹਾਰ ਦੇਣ ਵਾਲੇ ਦੀ ਹੋਵੇਗੀ। ਪਾਠਕਾਂ ਨੂੰ ਬੇਨਤੀ ਹੈ ਕਿ ਕਿਸੇ ਵੀ ਇਸ਼ਤਿਹਾਰ ਦੇ ਆਧਾਰ ਤੇ ਕੋਈ ਵੀ ਲੈਣ ਦੇਣ ਕਰਨ ਤੋਂ ਪਹਿਲਾਂ ਆਪਣੇ ਤੌਰ ਤੇ ਪੂਰੀ ਜਾਂਚ ਪੜਤਾਲ ਕਰ ਲੈਣ।
ਮੈਨੇਜਰ
ਸੂਚਨਾ
ਮੈਂ ਜਸ਼ਨ ਕੁਮਾਰ ਪੁੱਤਰ ਰਾਜਪਾਲ ਸਿੰਘ ਵਾਸੀ ਪਿੰਡ ਪੰਡੋਰੀ ਦਾ ਵਿਵਾਹ ਪ੍ਰਮਾਣ ਪੱਤਰ ਗੁੰਮ ਹੋ ਗਿਆ ਹੈ। ਮਿਲਣ ਤੇ ਅਸਲ ਮਾਲਕ ਨੂੰ ਪਹੁੰਚਾਉਣ ਦੀ ਕਿਰਪਾ ਕਰੋ। 93563-33337
ਮੋਟਰ ਕੁਨੈਕਸ਼ਨ...
ਟਿਊਬਵੈਲ ਕੁਨੈਕਸ਼ਨ ਖਾਤਾ ਨੰ: ਪੀ36/0212 ਐਮ ਜੋ ਕਿ ਸ੍ਰੀ ਜਸਵਿੰਦਰ ਸਿੰਘ ਪੁੱਤਰ ਮਿਹਰ ਸਿੰਘ ਦੇ ਨਾਮ ਤੇ ਚੱਲ ਰਿਹਾ ਹੈ। ਇਹ ਕੁਨੈਕਸ਼ਨ ਉਨ੍ਹਾਂ ਦੇ ਵਾਰਸਾਂ ਦੇ ਨਾਮ ਤਬਦੀਲ ਕੀਤਾ ਜਾ ਰਿਹਾ ਹੈ। ਜੇਕਰ ਕਿਸੇ ਨੂੰ ਕੋਈ ਇਤਰਾਜ਼ ਹੋਵੇ ਤਾਂ 15 ਦਿਨਾਂ ਦੇ ਅੰਦਰ ਦਫ਼ਤਰ ਵਿਖੇ ਸੰਪਰਕ ਕਰੇ।
ਇਸ਼ਤਿਹਾਰ ਅਤੇ ਕਲਾਸੀਫਾਈਡ ਕੇਵਲ ਅਦਾਰਾ 'ਪਹਿਰੇਦਾਰ' ਦੀ ਈ-ਮੇਲ	rozanapehredaradvt@gmail.com	'ਤੇ ਹੀ ਭੇਜੇ ਜਾਣ।
